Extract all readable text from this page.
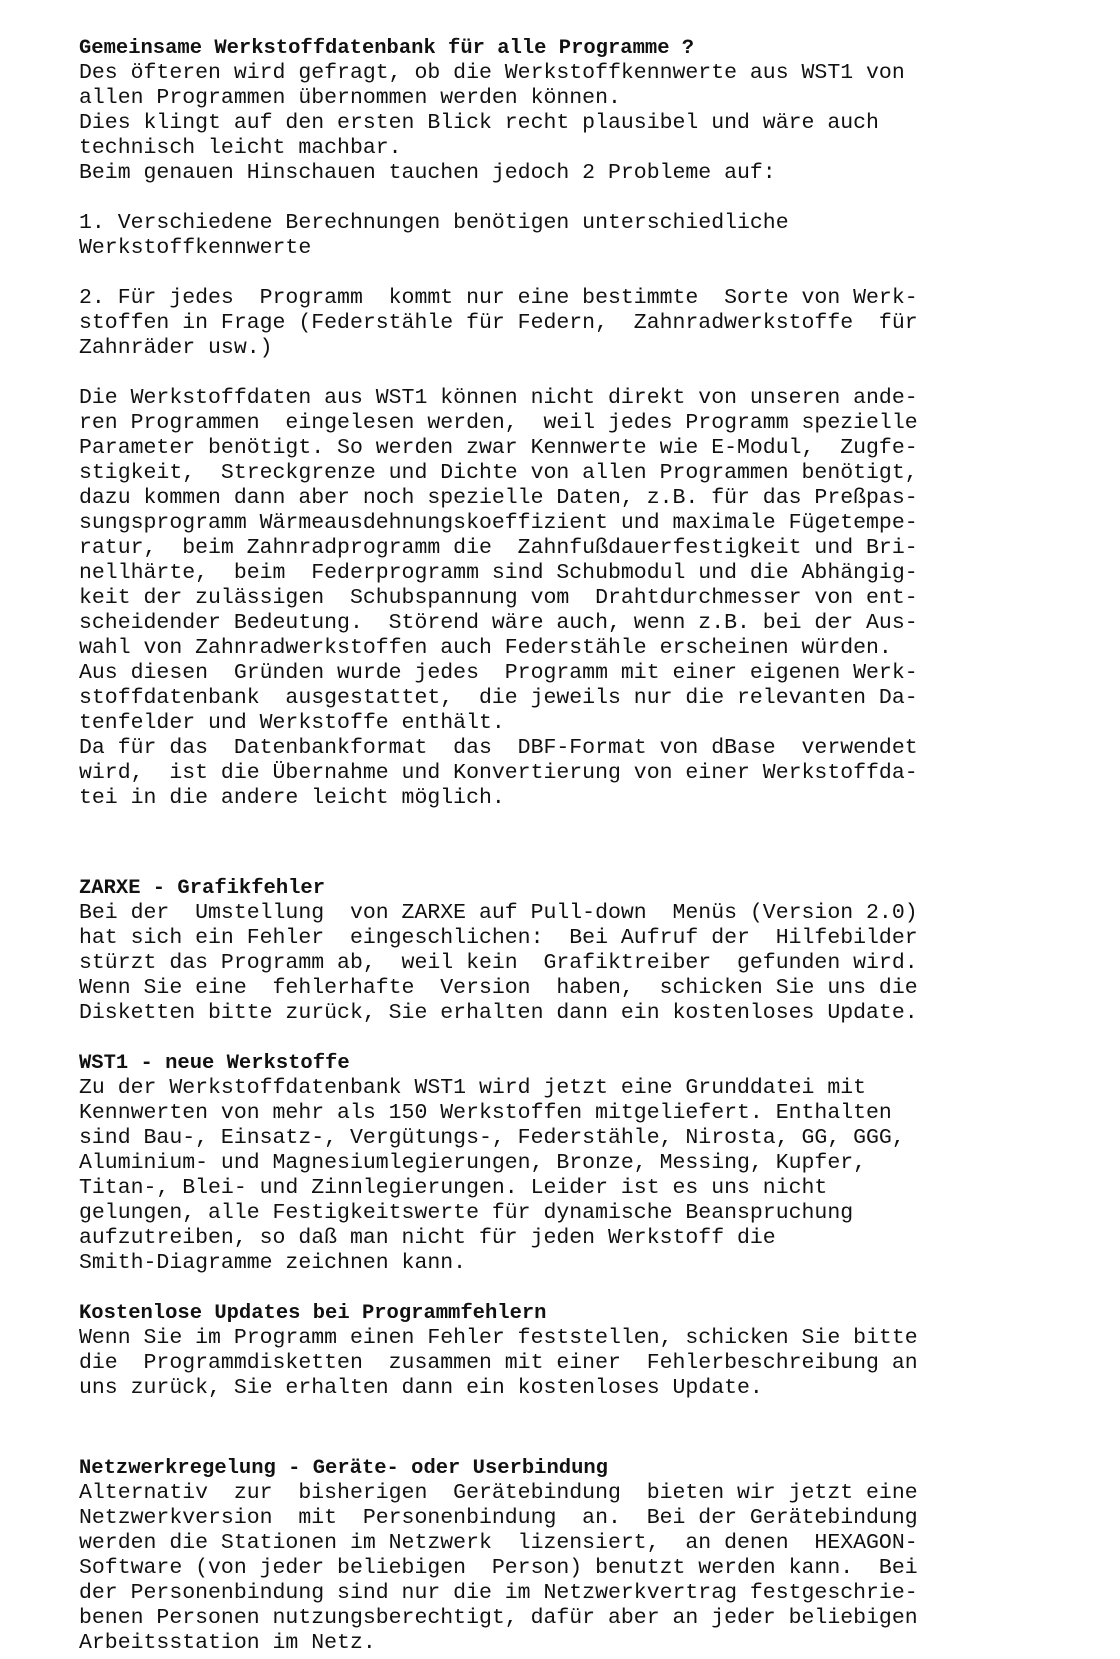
Gemeinsame Werkstoffdatenbank für alle Programme ?

Des öfteren wird gefragt, ob die Werkstoffkennwerte aus WST1 von

allen Programmen übernommen werden können.

Dies klingt auf den ersten Blick recht plausibel und wäre auch

technisch leicht machbar.

Beim genauen Hinschauen tauchen jedoch 2 Probleme auf:

1. Verschiedene Berechnungen benötigen unterschiedliche

Werkstoffkennwerte

2. Für jedes  Programm  kommt nur eine bestimmte  Sorte von Werk-

stoffen in Frage (Federstähle für Federn,  Zahnradwerkstoffe  für

Zahnräder usw.)

Die Werkstoffdaten aus WST1 können nicht direkt von unseren ande-

ren Programmen  eingelesen werden,  weil jedes Programm spezielle

Parameter benötigt. So werden zwar Kennwerte wie E-Modul,  Zugfe-

stigkeit,  Streckgrenze und Dichte von allen Programmen benötigt,

dazu kommen dann aber noch spezielle Daten, z.B. für das Preßpas-

sungsprogramm Wärmeausdehnungskoeffizient und maximale Fügetempe-

ratur,  beim Zahnradprogramm die  Zahnfußdauerfestigkeit und Bri-

nellhärte,  beim  Federprogramm sind Schubmodul und die Abhängig-

keit der zulässigen  Schubspannung vom  Drahtdurchmesser von ent-

scheidender Bedeutung.  Störend wäre auch, wenn z.B. bei der Aus-

wahl von Zahnradwerkstoffen auch Federstähle erscheinen würden.

Aus diesen  Gründen wurde jedes  Programm mit einer eigenen Werk-

stoffdatenbank  ausgestattet,  die jeweils nur die relevanten Da-

tenfelder und Werkstoffe enthält.

Da für das  Datenbankformat  das  DBF-Format von dBase  verwendet

wird,  ist die Übernahme und Konvertierung von einer Werkstoffda-

tei in die andere leicht möglich.

ZARXE - Grafikfehler

Bei der  Umstellung  von ZARXE auf Pull-down  Menüs (Version 2.0)

hat sich ein Fehler  eingeschlichen:  Bei Aufruf der  Hilfebilder

stürzt das Programm ab,  weil kein  Grafiktreiber  gefunden wird.

Wenn Sie eine  fehlerhafte  Version  haben,  schicken Sie uns die

Disketten bitte zurück, Sie erhalten dann ein kostenloses Update.

WST1 - neue Werkstoffe

Zu der Werkstoffdatenbank WST1 wird jetzt eine Grunddatei mit

Kennwerten von mehr als 150 Werkstoffen mitgeliefert. Enthalten

sind Bau-, Einsatz-, Vergütungs-, Federstähle, Nirosta, GG, GGG,

Aluminium- und Magnesiumlegierungen, Bronze, Messing, Kupfer,

Titan-, Blei- und Zinnlegierungen. Leider ist es uns nicht

gelungen, alle Festigkeitswerte für dynamische Beanspruchung

aufzutreiben, so daß man nicht für jeden Werkstoff die

Smith-Diagramme zeichnen kann.

Kostenlose Updates bei Programmfehlern

Wenn Sie im Programm einen Fehler feststellen, schicken Sie bitte

die  Programmdisketten  zusammen mit einer  Fehlerbeschreibung an

uns zurück, Sie erhalten dann ein kostenloses Update.

Netzwerkregelung - Geräte- oder Userbindung

Alternativ  zur  bisherigen  Gerätebindung  bieten wir jetzt eine

Netzwerkversion  mit  Personenbindung  an.  Bei der Gerätebindung

werden die Stationen im Netzwerk  lizensiert,  an denen  HEXAGON-

Software (von jeder beliebigen  Person) benutzt werden kann.  Bei

der Personenbindung sind nur die im Netzwerkvertrag festgeschrie-

benen Personen nutzungsberechtigt, dafür aber an jeder beliebigen

Arbeitsstation im Netz.
